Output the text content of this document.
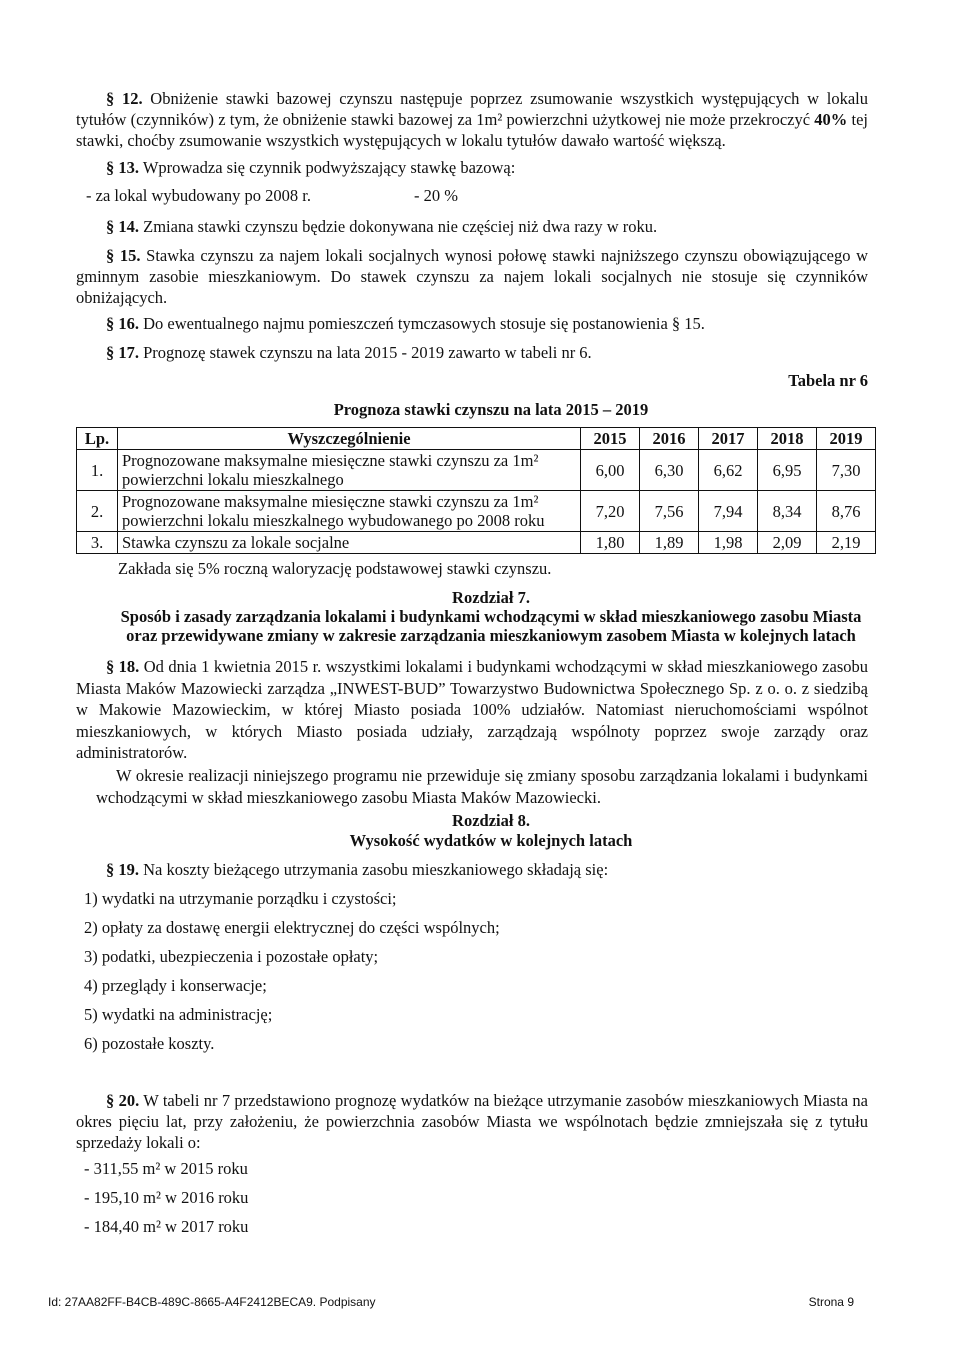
§ 12. Obniżenie stawki bazowej czynszu następuje poprzez zsumowanie wszystkich występujących w lokalu tytułów (czynników) z tym, że obniżenie stawki bazowej za 1m² powierzchni użytkowej nie może przekroczyć 40% tej stawki, choćby zsumowanie wszystkich występujących w lokalu tytułów dawało wartość większą.

§ 13. Wprowadza się czynnik podwyższający stawkę bazową:

- za lokal wybudowany po 2008 r.	- 20 %

§ 14. Zmiana stawki czynszu będzie dokonywana nie częściej niż dwa razy w roku.

§ 15. Stawka czynszu za najem lokali socjalnych wynosi połowę stawki najniższego czynszu obowiązującego w gminnym zasobie mieszkaniowym. Do stawek czynszu za najem lokali socjalnych nie stosuje się czynników obniżających.

§ 16. Do ewentualnego najmu pomieszczeń tymczasowych stosuje się postanowienia § 15.

§ 17. Prognozę stawek czynszu na lata 2015 - 2019 zawarto w tabeli nr 6.

Tabela nr 6

Prognoza stawki czynszu na lata 2015 – 2019

Lp.	Wyszczególnienie	2015	2016	2017	2018	2019
1.	Prognozowane maksymalne miesięczne stawki czynszu za 1m²
powierzchni lokalu mieszkalnego	6,00	6,30	6,62	6,95	7,30
2.	Prognozowane maksymalne miesięczne stawki czynszu za 1m²
powierzchni lokalu mieszkalnego wybudowanego po 2008 roku	7,20	7,56	7,94	8,34	8,76
3.	Stawka czynszu za lokale socjalne	1,80	1,89	1,98	2,09	2,19

Zakłada się 5% roczną waloryzację podstawowej stawki czynszu.

Rozdział 7.

Sposób i zasady zarządzania lokalami i budynkami wchodzącymi w skład mieszkaniowego zasobu Miasta

oraz przewidywane zmiany w zakresie zarządzania mieszkaniowym zasobem Miasta w kolejnych latach

§ 18. Od dnia 1 kwietnia 2015 r. wszystkimi lokalami i budynkami wchodzącymi w skład mieszkaniowego zasobu Miasta Maków Mazowiecki zarządza „INWEST-BUD” Towarzystwo Budownictwa Społecznego Sp. z o. o. z siedzibą w Makowie Mazowieckim, w której Miasto posiada 100% udziałów. Natomiast nieruchomościami wspólnot mieszkaniowych, w których Miasto posiada udziały, zarządzają wspólnoty poprzez swoje zarządy oraz administratorów.

W okresie realizacji niniejszego programu nie przewiduje się zmiany sposobu zarządzania lokalami i budynkami wchodzącymi w skład mieszkaniowego zasobu Miasta Maków Mazowiecki.

Rozdział 8.

Wysokość wydatków w kolejnych latach

§ 19. Na koszty bieżącego utrzymania zasobu mieszkaniowego składają się:

1) wydatki na utrzymanie porządku i czystości;

2) opłaty za dostawę energii elektrycznej do części wspólnych;

3) podatki, ubezpieczenia i pozostałe opłaty;

4) przeglądy i konserwacje;

5) wydatki na administrację;

6) pozostałe koszty.

§ 20. W tabeli nr 7 przedstawiono prognozę wydatków na bieżące utrzymanie zasobów mieszkaniowych Miasta na okres pięciu lat, przy założeniu, że powierzchnia zasobów Miasta we wspólnotach będzie zmniejszała się z tytułu sprzedaży lokali o:

- 311,55 m² w 2015 roku

- 195,10 m² w 2016 roku

- 184,40 m² w 2017 roku

Id: 27AA82FF-B4CB-489C-8665-A4F2412BECA9. Podpisany	Strona 9
